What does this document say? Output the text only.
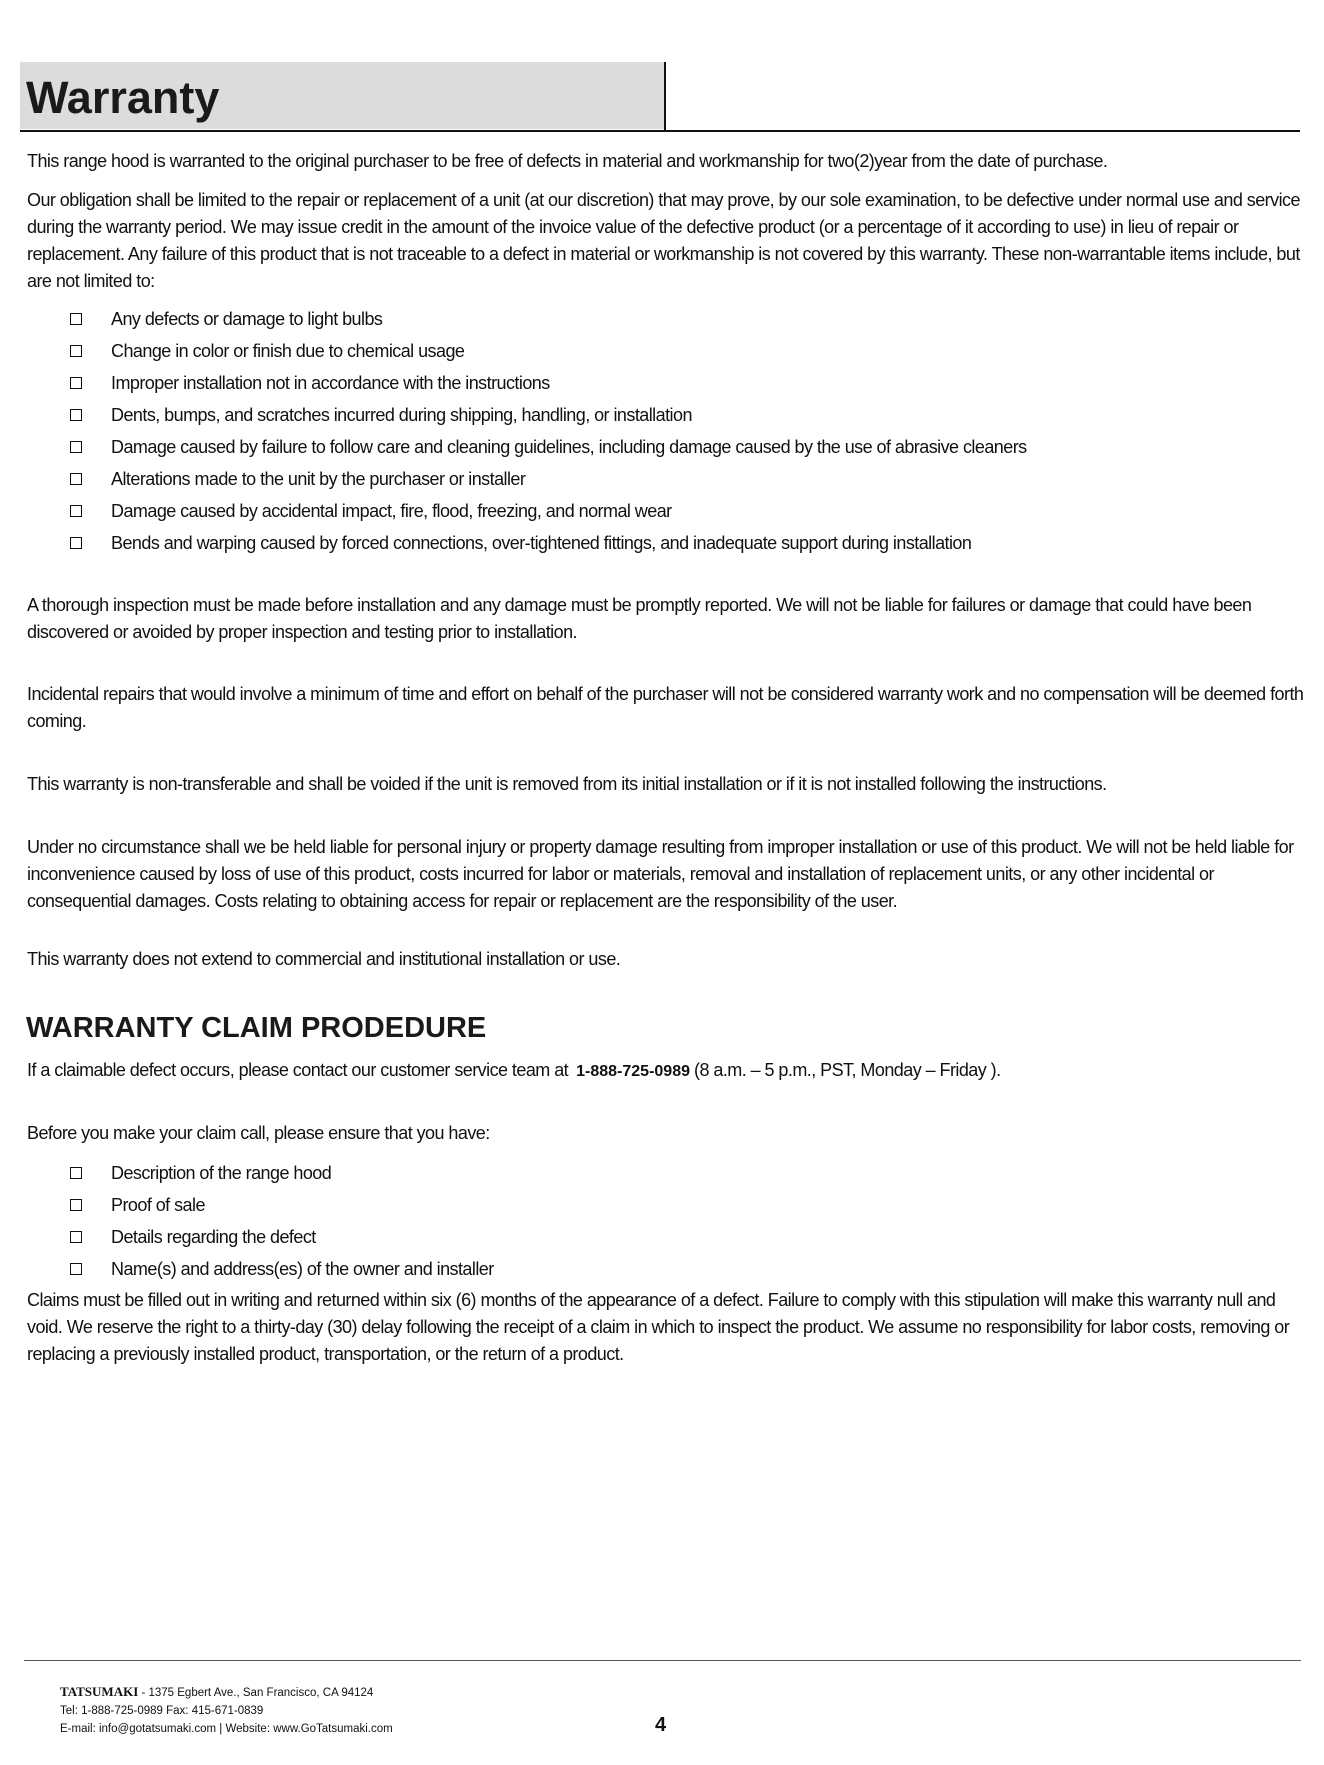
Warranty

This range hood is warranted to the original purchaser to be free of defects in material and workmanship for two(2)year from the date of purchase.

Our obligation shall be limited to the repair or replacement of a unit (at our discretion) that may prove, by our sole examination, to be defective under normal use and service during the warranty period. We may issue credit in the amount of the invoice value of the defective product (or a percentage of it according to use) in lieu of repair or replacement. Any failure of this product that is not traceable to a defect in material or workmanship is not covered by this warranty. These non-warrantable items include, but are not limited to:

Any defects or damage to light bulbs
Change in color or finish due to chemical usage
Improper installation not in accordance with the instructions
Dents, bumps, and scratches incurred during shipping, handling, or installation
Damage caused by failure to follow care and cleaning guidelines, including damage caused by the use of abrasive cleaners
Alterations made to the unit by the purchaser or installer
Damage caused by accidental impact, fire, flood, freezing, and normal wear
Bends and warping caused by forced connections, over-tightened fittings, and inadequate support during installation

A thorough inspection must be made before installation and any damage must be promptly reported. We will not be liable for failures or damage that could have been discovered or avoided by proper inspection and testing prior to installation.

Incidental repairs that would involve a minimum of time and effort on behalf of the purchaser will not be considered warranty work and no compensation will be deemed forth coming.

This warranty is non-transferable and shall be voided if the unit is removed from its initial installation or if it is not installed following the instructions.

Under no circumstance shall we be held liable for personal injury or property damage resulting from improper installation or use of this product. We will not be held liable for inconvenience caused by loss of use of this product, costs incurred for labor or materials, removal and installation of replacement units, or any other incidental or consequential damages. Costs relating to obtaining access for repair or replacement are the responsibility of the user.

This warranty does not extend to commercial and institutional installation or use.

WARRANTY CLAIM PRODEDURE

If a claimable defect occurs, please contact our customer service team at 1-888-725-0989 (8 a.m. – 5 p.m., PST, Monday – Friday ).

Before you make your claim call, please ensure that you have:

Description of the range hood
Proof of sale
Details regarding the defect
Name(s) and address(es) of the owner and installer

Claims must be filled out in writing and returned within six (6) months of the appearance of a defect. Failure to comply with this stipulation will make this warranty null and void. We reserve the right to a thirty-day (30) delay following the receipt of a claim in which to inspect the product. We assume no responsibility for labor costs, removing or replacing a previously installed product, transportation, or the return of a product.

TATSUMAKI - 1375 Egbert Ave., San Francisco, CA 94124
Tel: 1-888-725-0989 Fax: 415-671-0839
E-mail: info@gotatsumaki.com | Website: www.GoTatsumaki.com	4
